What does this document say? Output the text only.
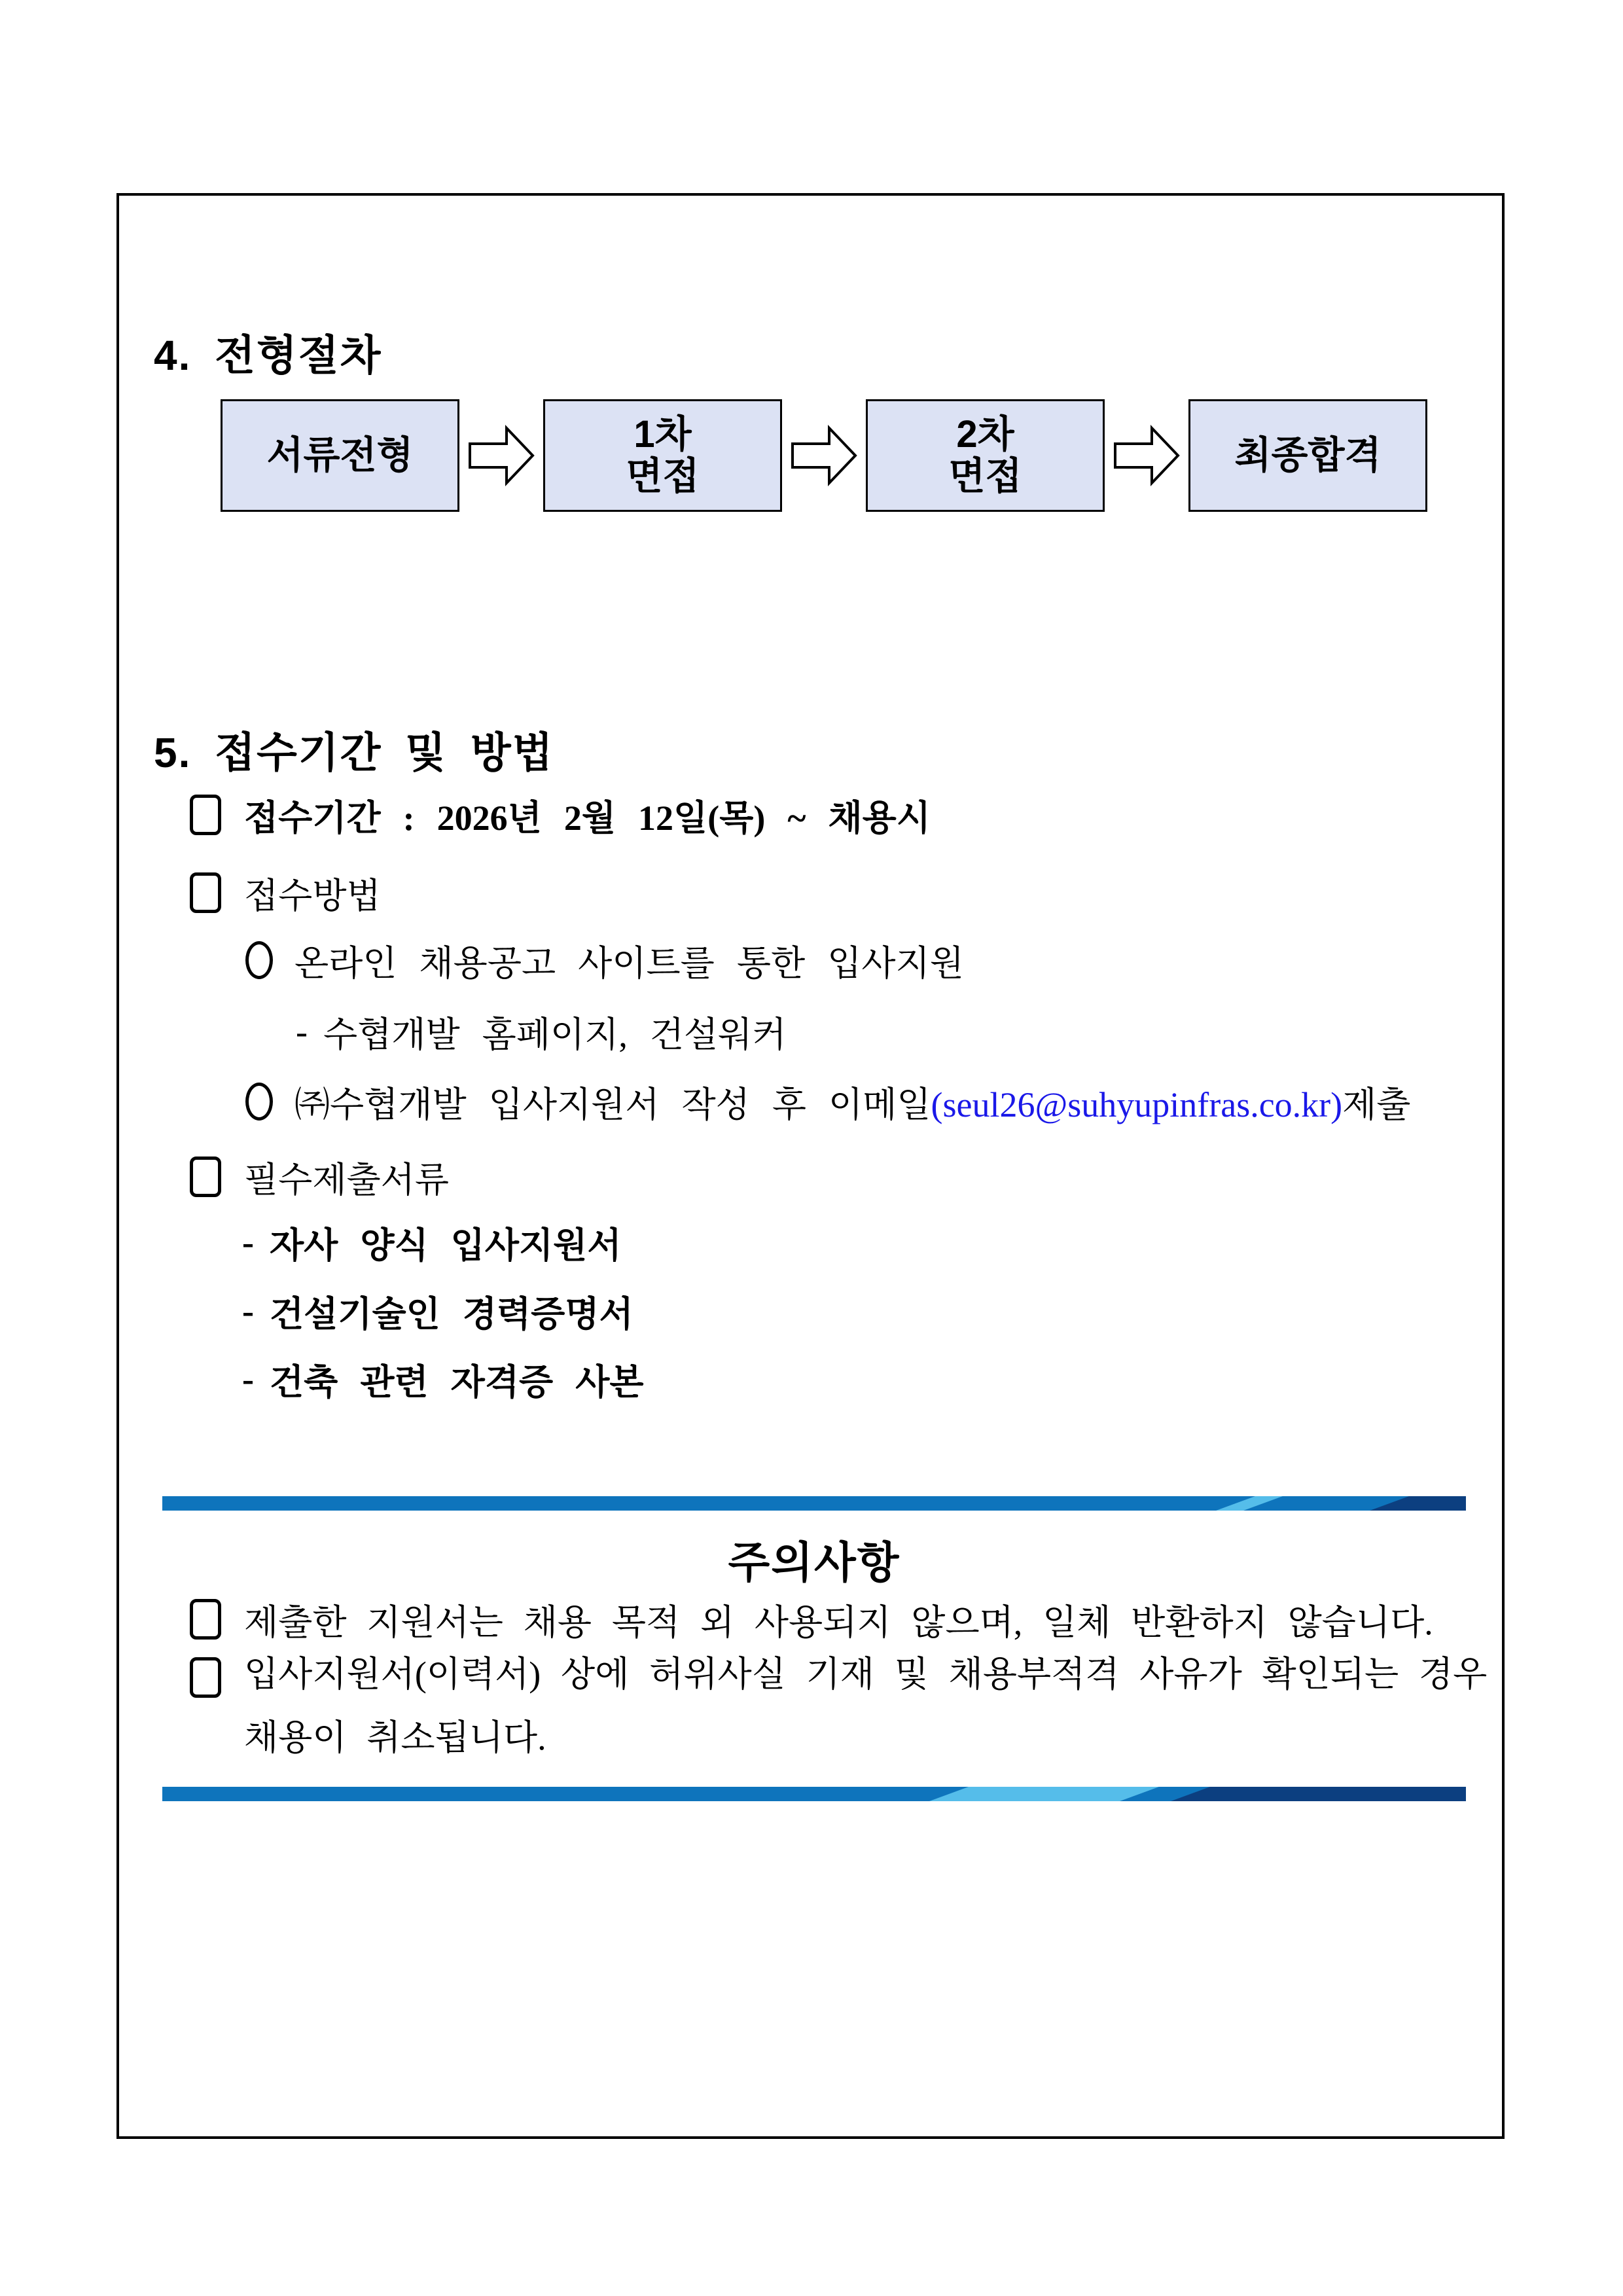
4. 전형절차
서류전형	1차
면접
2차
면접	최종합격
5. 접수기간 및 방법
접수기간 : 2026년 2월 12일(목) ~ 채용시
접수방법
온라인 채용공고 사이트를 통한 입사지원
- 수협개발 홈페이지, 건설워커
㈜수협개발 입사지원서 작성 후 이메일(seul26@suhyupinfras.co.kr)제출
필수제출서류
- 자사 양식 입사지원서
- 건설기술인 경력증명서
- 건축 관련 자격증 사본
주의사항
제출한 지원서는 채용 목적 외 사용되지 않으며, 일체 반환하지 않습니다.
입사지원서(이력서) 상에 허위사실 기재 및 채용부적격 사유가 확인되는 경우
채용이 취소됩니다.
